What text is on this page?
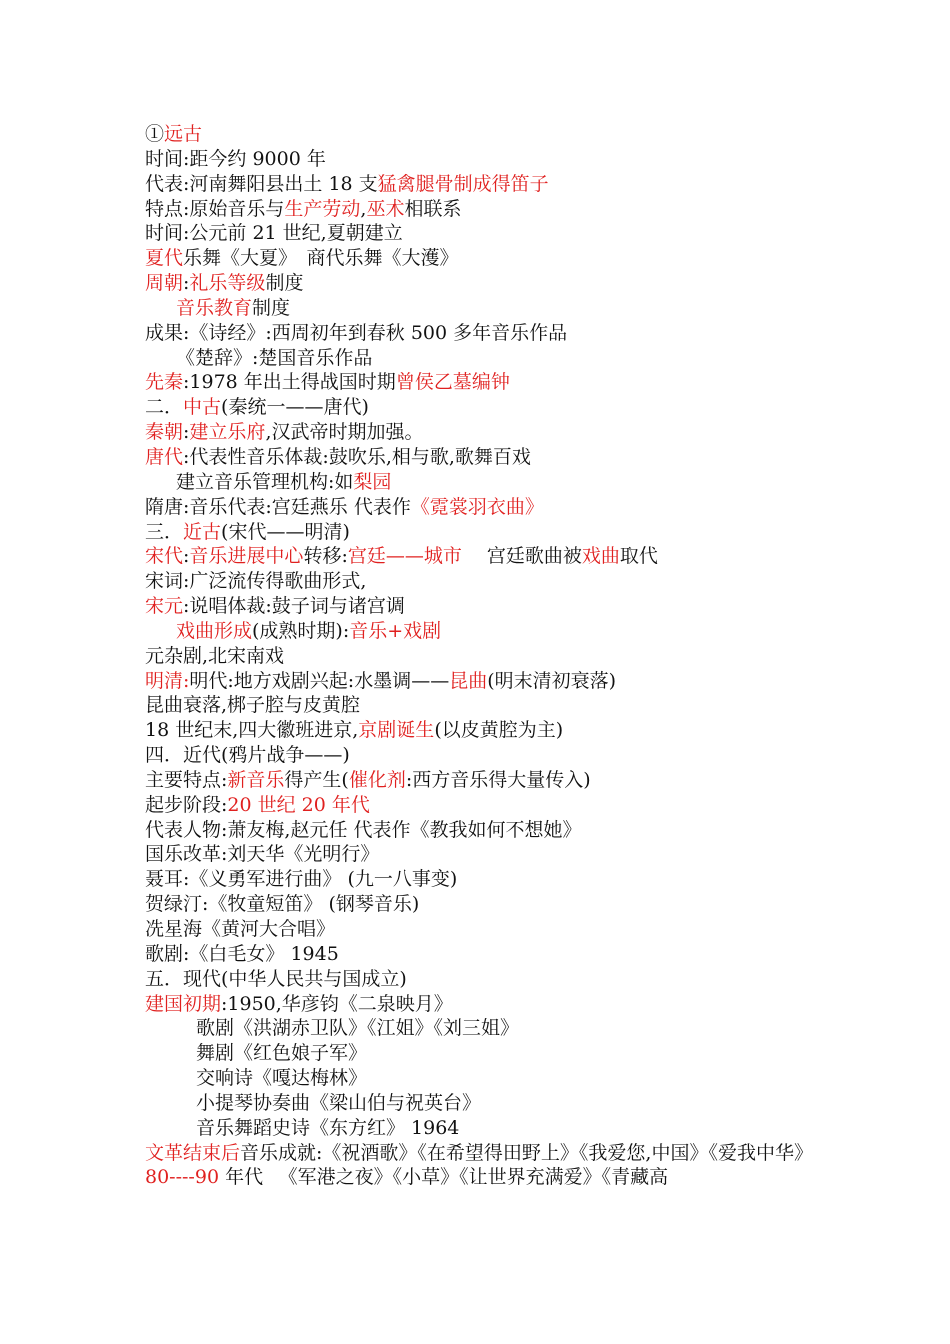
①远古
时间:距今约 9000 年
代表:河南舞阳县出土 18 支猛禽腿骨制成得笛子
特点:原始音乐与生产劳动,巫术相联系
时间:公元前 21 世纪,夏朝建立
夏代乐舞《大夏》　商代乐舞《大濩》
周朝:礼乐等级制度
音乐教育制度
成果:《诗经》:西周初年到春秋 500 多年音乐作品
《楚辞》:楚国音乐作品
先秦:1978 年出土得战国时期曾侯乙墓编钟
二．中古(秦统一——唐代)
秦朝:建立乐府,汉武帝时期加强。
唐代:代表性音乐体裁:鼓吹乐,相与歌,歌舞百戏
建立音乐管理机构:如梨园
隋唐:音乐代表:宫廷燕乐 代表作《霓裳羽衣曲》
三．近古(宋代——明清)
宋代:音乐进展中心转移:宫廷——城市　 宫廷歌曲被戏曲取代
宋词:广泛流传得歌曲形式,
宋元:说唱体裁:鼓子词与诸宫调
戏曲形成(成熟时期):音乐+戏剧
元杂剧,北宋南戏
明清:明代:地方戏剧兴起:水墨调——昆曲(明末清初衰落)
昆曲衰落,梆子腔与皮黄腔
18 世纪末,四大徽班进京,京剧诞生(以皮黄腔为主)
四．近代(鸦片战争——)
主要特点:新音乐得产生(催化剂:西方音乐得大量传入)
起步阶段:20 世纪 20 年代
代表人物:萧友梅,赵元任 代表作《教我如何不想她》
国乐改革:刘天华《光明行》
聂耳:《义勇军进行曲》 (九一八事变)
贺绿汀:《牧童短笛》 (钢琴音乐)
冼星海《黄河大合唱》
歌剧:《白毛女》 1945
五．现代(中华人民共与国成立)
建国初期:1950,华彦钧《二泉映月》
歌剧《洪湖赤卫队》《江姐》《刘三姐》
舞剧《红色娘子军》
交响诗《嘎达梅林》
小提琴协奏曲《梁山伯与祝英台》
音乐舞蹈史诗《东方红》 1964
文革结束后音乐成就:《祝酒歌》《在希望得田野上》《我爱您,中国》《爱我中华》
80----90 年代 　《军港之夜》《小草》《让世界充满爱》《青藏高
